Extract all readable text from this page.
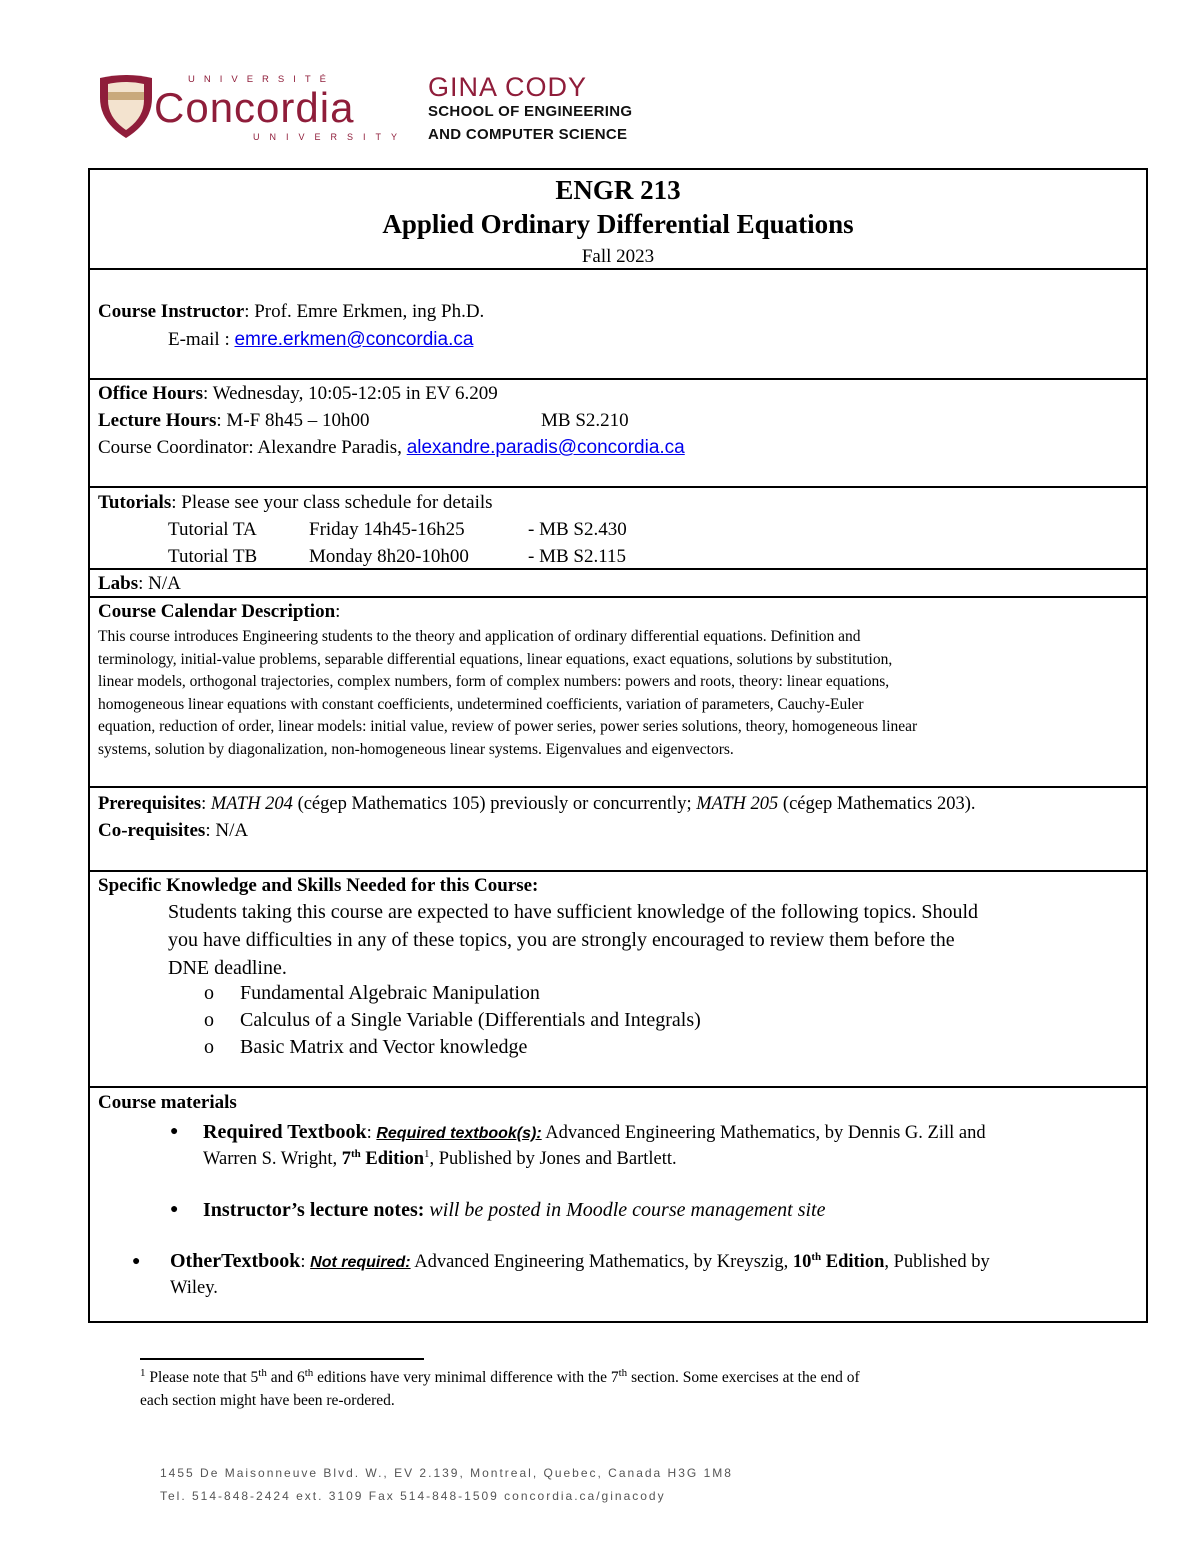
UNIVERSITÉ
Concordia
UNIVERSITY
GINA CODY
SCHOOL OF ENGINEERING
AND COMPUTER SCIENCE
ENGR 213
Applied Ordinary Differential Equations
Fall 2023
Course Instructor: Prof. Emre Erkmen, ing Ph.D.
E-mail : emre.erkmen@concordia.ca
Office Hours: Wednesday, 10:05-12:05 in EV 6.209
Lecture Hours: M-F 8h45 – 10h00	MB S2.210
Course Coordinator: Alexandre Paradis, alexandre.paradis@concordia.ca
Tutorials: Please see your class schedule for details
Tutorial TA	Friday 14h45-16h25	- MB S2.430
Tutorial TB	Monday 8h20-10h00	- MB S2.115
Labs: N/A
Course Calendar Description:
This course introduces Engineering students to the theory and application of ordinary differential equations. Definition and
terminology, initial-value problems, separable differential equations, linear equations, exact equations, solutions by substitution,
linear models, orthogonal trajectories, complex numbers, form of complex numbers: powers and roots, theory: linear equations,
homogeneous linear equations with constant coefficients, undetermined coefficients, variation of parameters, Cauchy-Euler
equation, reduction of order, linear models: initial value, review of power series, power series solutions, theory, homogeneous linear
systems, solution by diagonalization, non-homogeneous linear systems. Eigenvalues and eigenvectors.
Prerequisites: MATH 204 (cégep Mathematics 105) previously or concurrently; MATH 205 (cégep Mathematics 203).
Co-requisites: N/A
Specific Knowledge and Skills Needed for this Course:
Students taking this course are expected to have sufficient knowledge of the following topics. Should
you have difficulties in any of these topics, you are strongly encouraged to review them before the
DNE deadline.
o Fundamental Algebraic Manipulation
o Calculus of a Single Variable (Differentials and Integrals)
o Basic Matrix and Vector knowledge
Course materials
● Required Textbook: Required textbook(s): Advanced Engineering Mathematics, by Dennis G. Zill and
Warren S. Wright, 7th Edition$^1$, Published by Jones and Bartlett.
● Instructor’s lecture notes: will be posted in Moodle course management site
● OtherTextbook: Not required: Advanced Engineering Mathematics, by Kreyszig, 10th Edition, Published by
Wiley.
$^1$ Please note that 5th and 6th editions have very minimal difference with the 7th section. Some exercises at the end of
each section might have been re-ordered.
1455 De Maisonneuve Blvd. W., EV 2.139, Montreal, Quebec, Canada H3G 1M8
Tel. 514-848-2424 ext. 3109 Fax 514-848-1509 concordia.ca/ginacody
